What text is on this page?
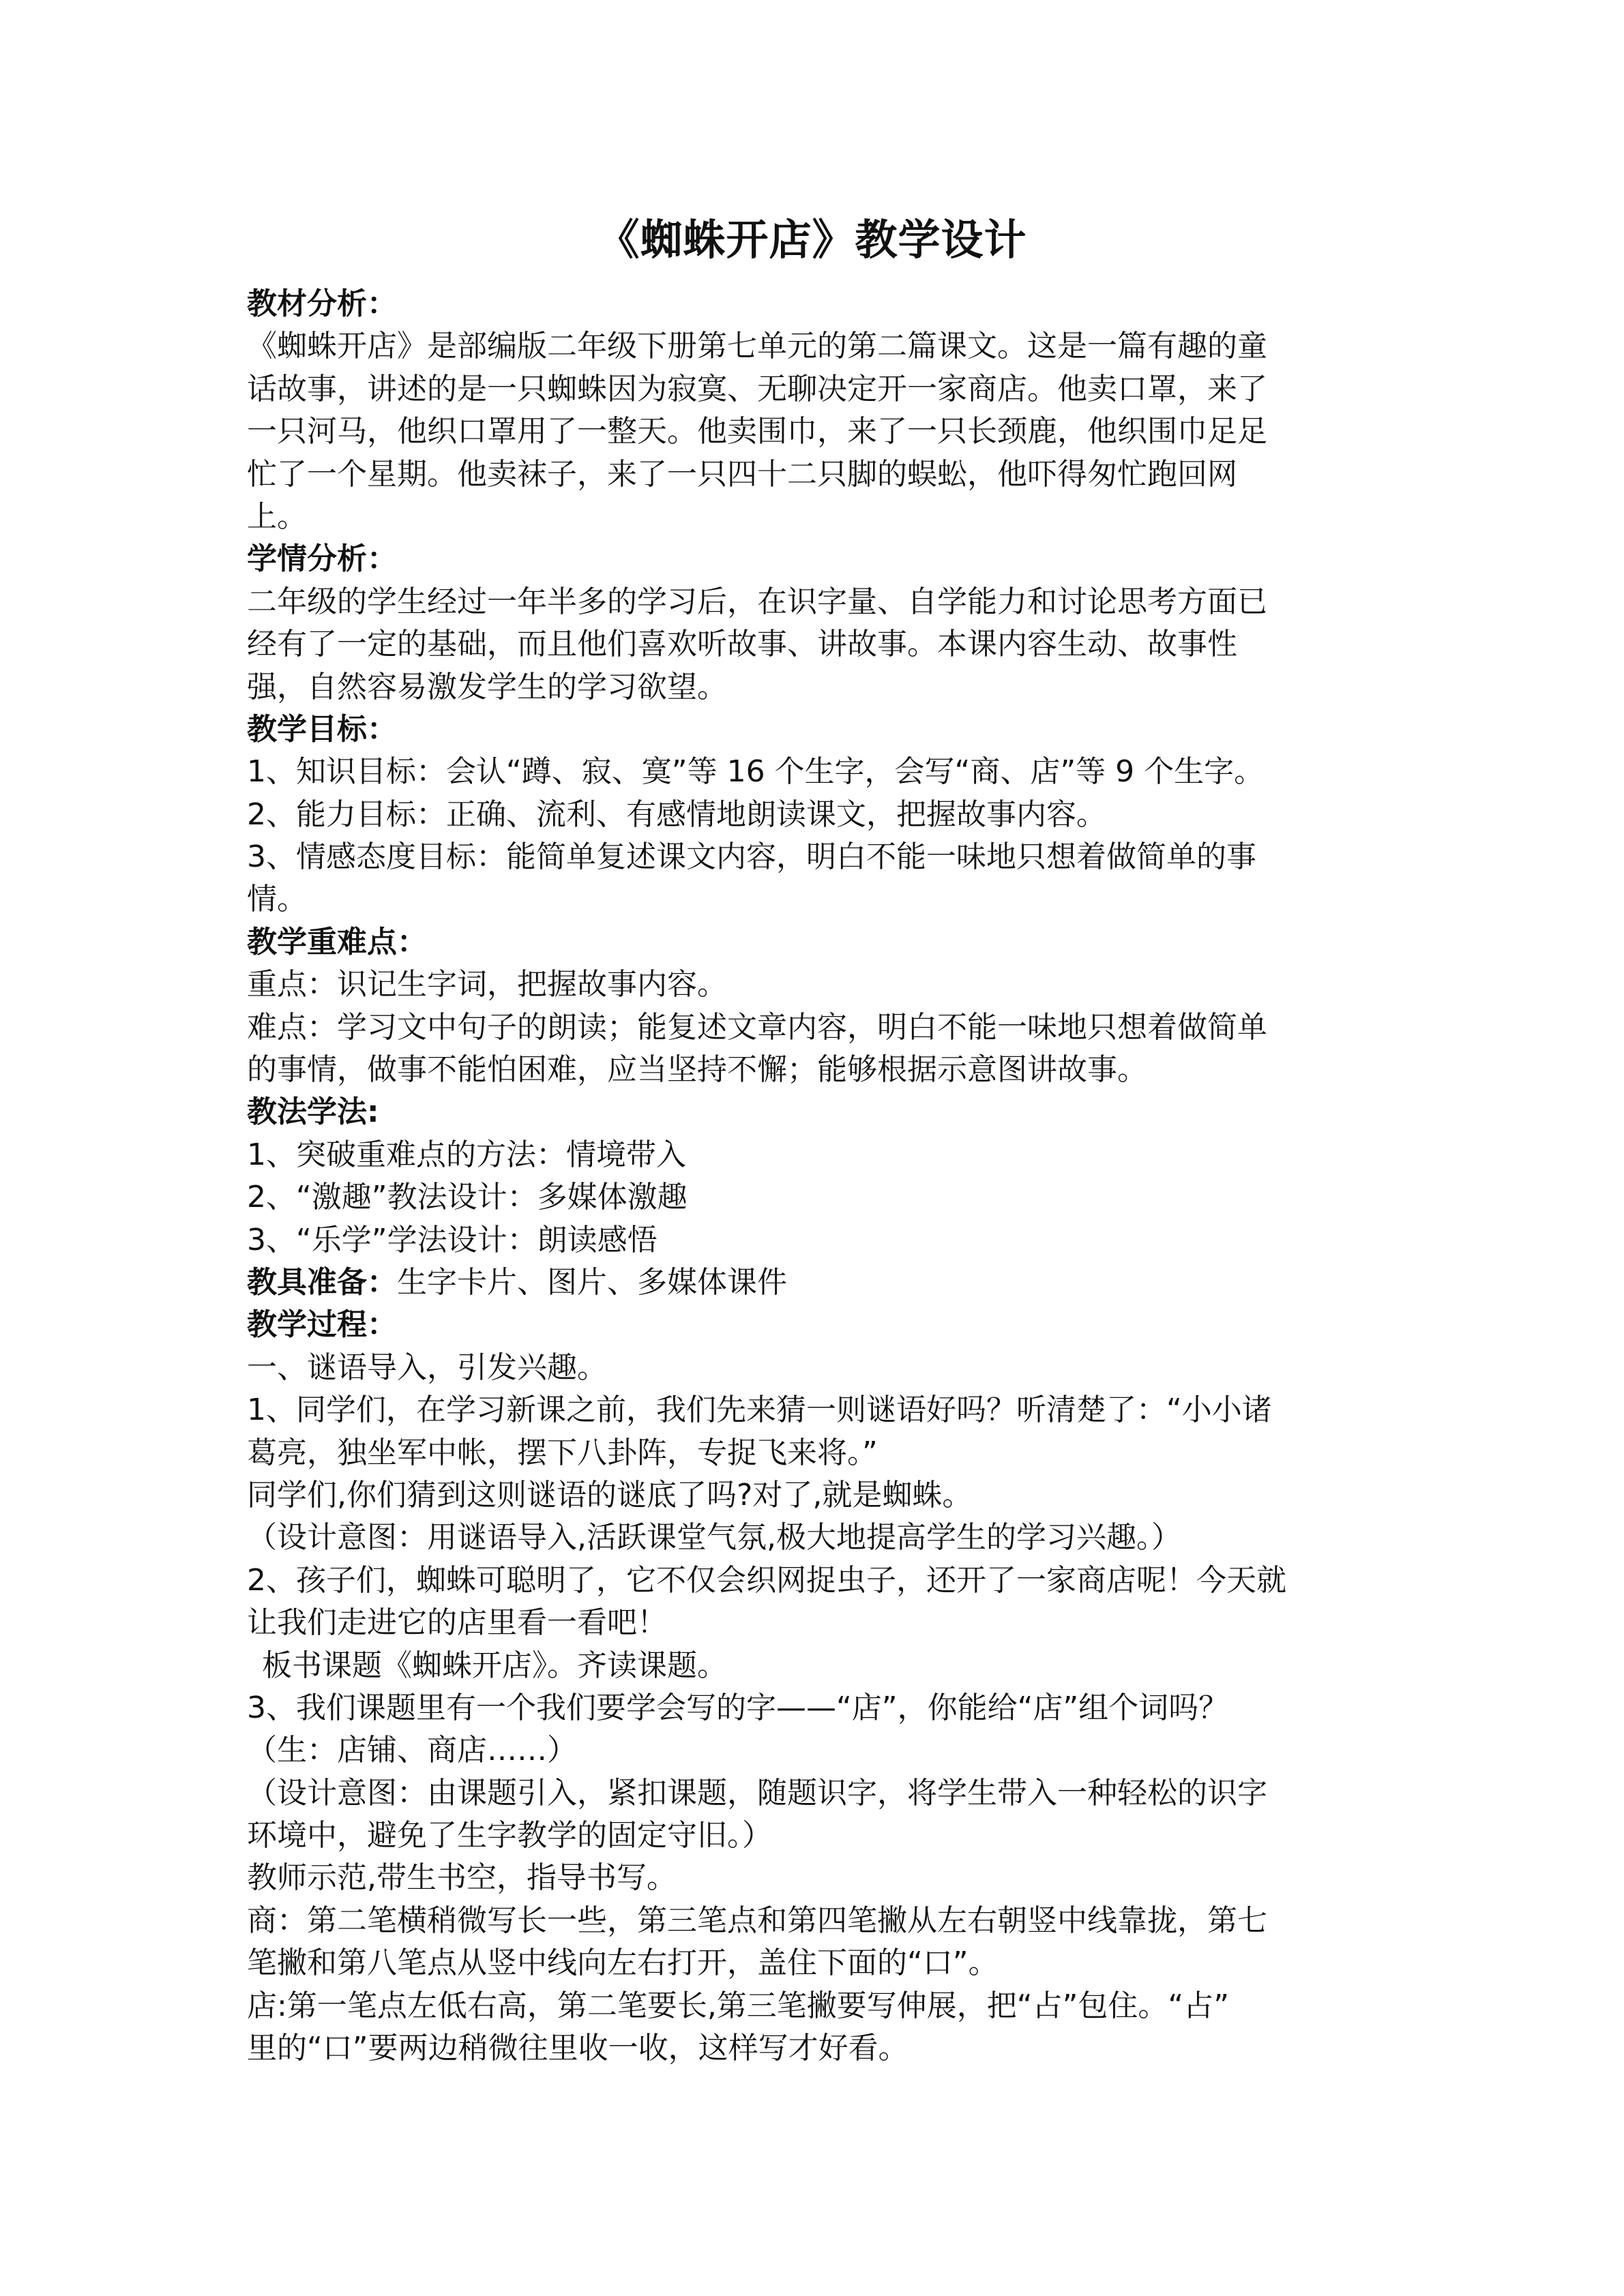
《蜘蛛开店》教学设计
教材分析：
《蜘蛛开店》是部编版二年级下册第七单元的第二篇课文。这是一篇有趣的童
话故事，讲述的是一只蜘蛛因为寂寞、无聊决定开一家商店。他卖口罩，来了
一只河马，他织口罩用了一整天。他卖围巾，来了一只长颈鹿，他织围巾足足
忙了一个星期。他卖袜子，来了一只四十二只脚的蜈蚣，他吓得匆忙跑回网
上。
学情分析：
二年级的学生经过一年半多的学习后，在识字量、自学能力和讨论思考方面已
经有了一定的基础，而且他们喜欢听故事、讲故事。本课内容生动、故事性
强，自然容易激发学生的学习欲望。
教学目标：
1、知识目标：会认“蹲、寂、寞”等 16 个生字，会写“商、店”等 9 个生字。
2、能力目标：正确、流利、有感情地朗读课文，把握故事内容。
3、情感态度目标：能简单复述课文内容，明白不能一味地只想着做简单的事
情。
教学重难点：
重点：识记生字词，把握故事内容。
难点：学习文中句子的朗读；能复述文章内容，明白不能一味地只想着做简单
的事情，做事不能怕困难，应当坚持不懈；能够根据示意图讲故事。
教法学法:
1、突破重难点的方法：情境带入
2、“激趣”教法设计：多媒体激趣
3、“乐学”学法设计：朗读感悟
教具准备：生字卡片、图片、多媒体课件
教学过程：
一、谜语导入，引发兴趣。
1、同学们，在学习新课之前，我们先来猜一则谜语好吗？听清楚了：“小小诸
葛亮，独坐军中帐，摆下八卦阵，专捉飞来将。”
同学们,你们猜到这则谜语的谜底了吗?对了,就是蜘蛛。
（设计意图：用谜语导入,活跃课堂气氛,极大地提高学生的学习兴趣。）
2、孩子们，蜘蛛可聪明了，它不仅会织网捉虫子，还开了一家商店呢！今天就
让我们走进它的店里看一看吧！
板书课题《蜘蛛开店》。齐读课题。
3、我们课题里有一个我们要学会写的字——“店”，你能给“店”组个词吗？
（生：店铺、商店……）
（设计意图：由课题引入，紧扣课题，随题识字，将学生带入一种轻松的识字
环境中，避免了生字教学的固定守旧。）
教师示范,带生书空，指导书写。
商：第二笔横稍微写长一些，第三笔点和第四笔撇从左右朝竖中线靠拢，第七
笔撇和第八笔点从竖中线向左右打开，盖住下面的“口”。
店:第一笔点左低右高，第二笔要长,第三笔撇要写伸展，把“占”包住。“占”
里的“口”要两边稍微往里收一收，这样写才好看。
